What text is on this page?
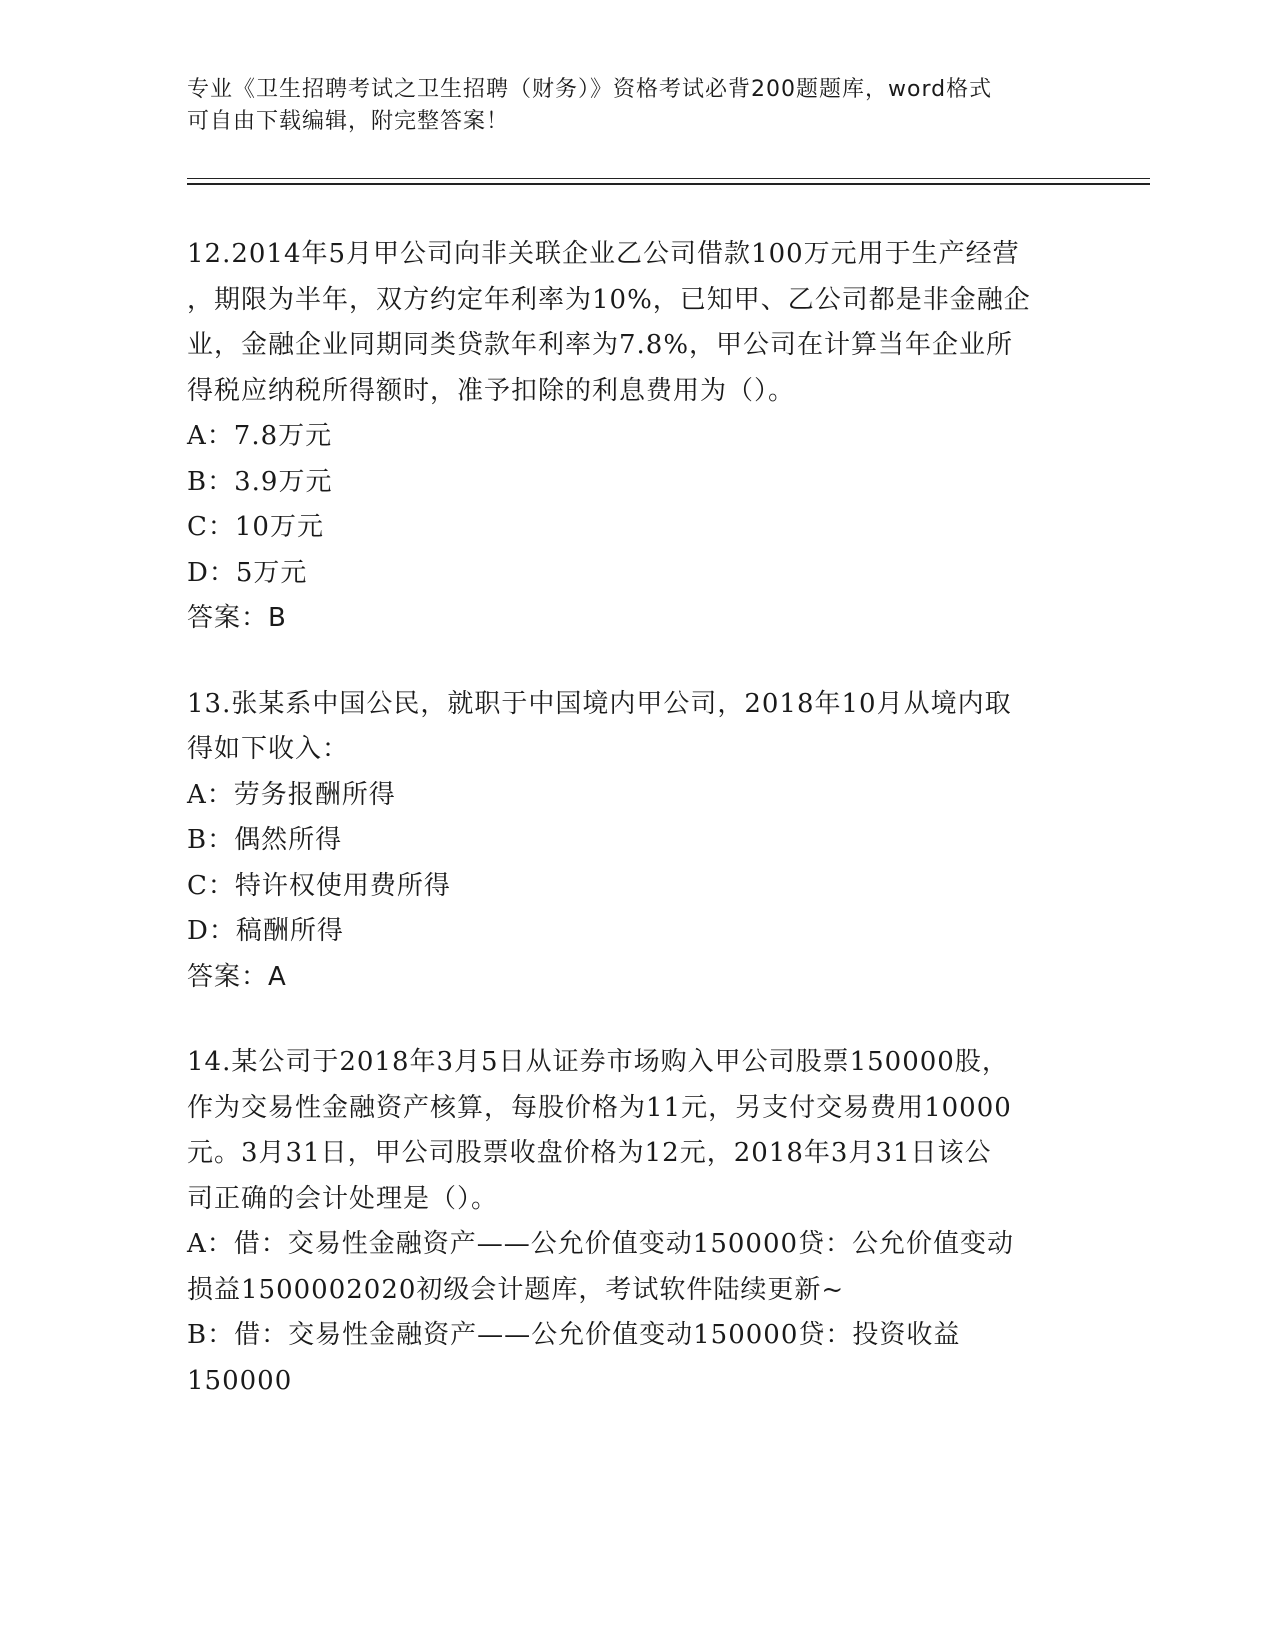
专业《卫生招聘考试之卫生招聘（财务）》资格考试必背200题题库，word格式
可自由下载编辑，附完整答案！
12.2014年5月甲公司向非关联企业乙公司借款100万元用于生产经营
，期限为半年，双方约定年利率为10%，已知甲、乙公司都是非金融企
业，金融企业同期同类贷款年利率为7.8%，甲公司在计算当年企业所
得税应纳税所得额时，准予扣除的利息费用为（）。
A：7.8万元
B：3.9万元
C：10万元
D：5万元
答案：B
13.张某系中国公民，就职于中国境内甲公司，2018年10月从境内取
得如下收入：
A：劳务报酬所得
B：偶然所得
C：特许权使用费所得
D：稿酬所得
答案：A
14.某公司于2018年3月5日从证券市场购入甲公司股票150000股，
作为交易性金融资产核算，每股价格为11元，另支付交易费用10000
元。3月31日，甲公司股票收盘价格为12元，2018年3月31日该公
司正确的会计处理是（）。
A：借：交易性金融资产——公允价值变动150000贷：公允价值变动
损益1500002020初级会计题库，考试软件陆续更新~
B：借：交易性金融资产——公允价值变动150000贷：投资收益
150000
